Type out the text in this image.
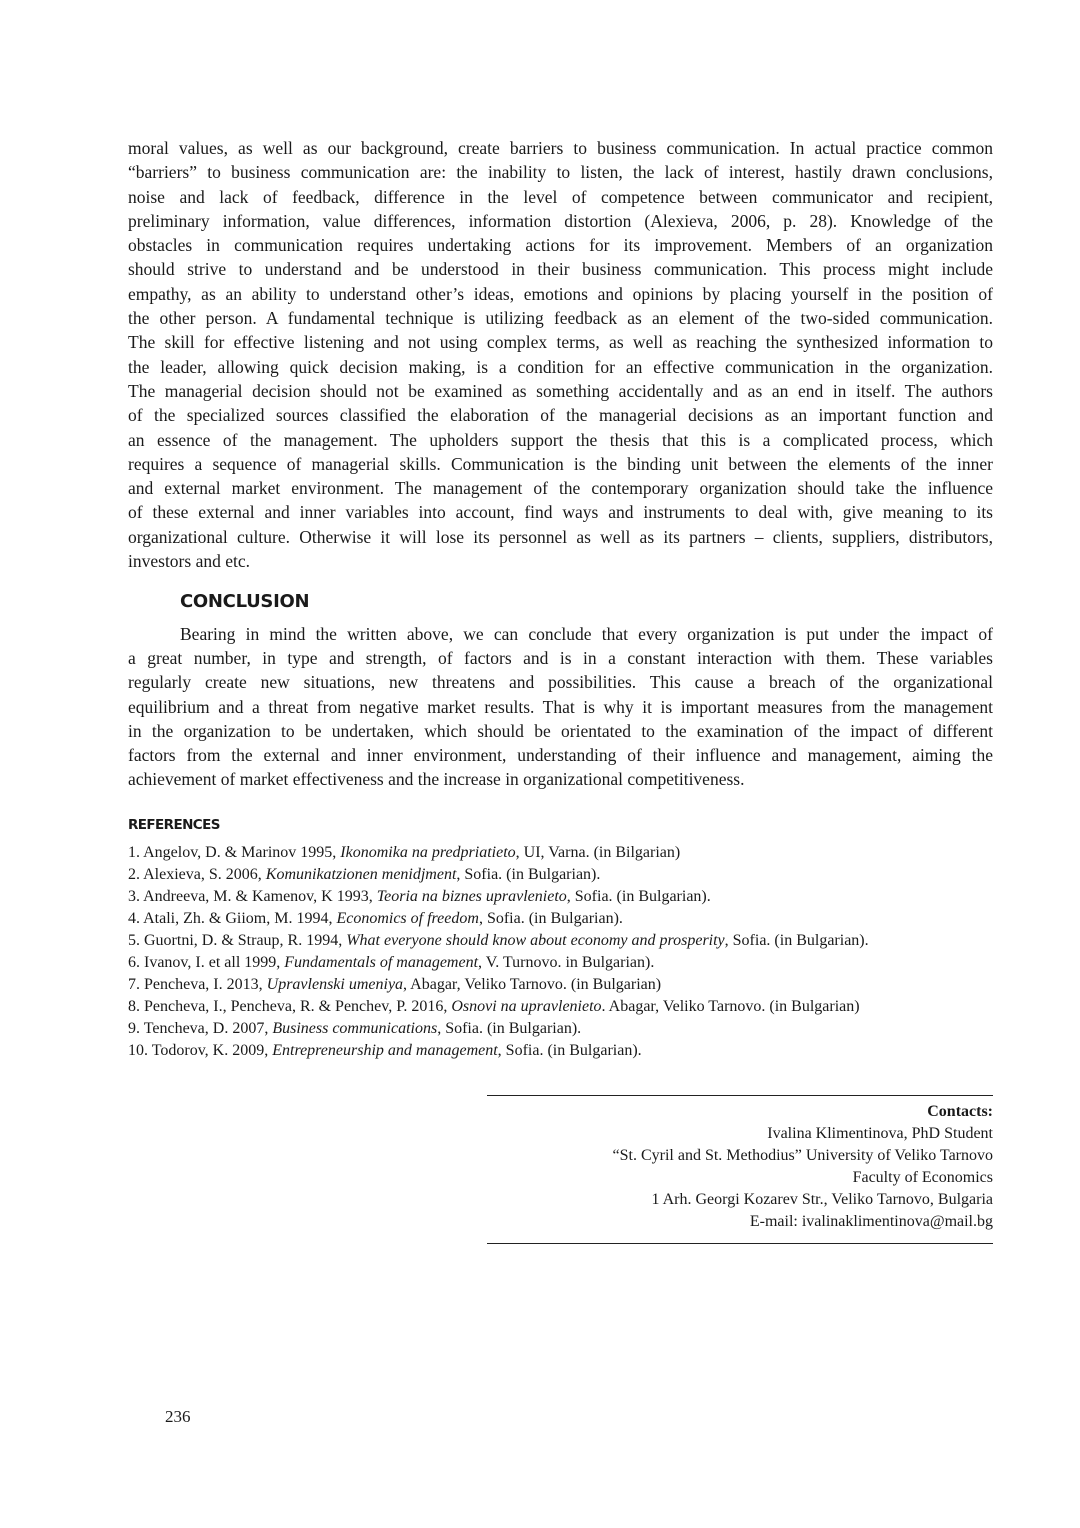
moral values, as well as our background, create barriers to business communication. In actual practice common
“barriers” to business communication are: the inability to listen, the lack of interest, hastily drawn conclusions,
noise and lack of feedback, difference in the level of competence between communicator and recipient,
preliminary information, value differences, information distortion (Alexieva, 2006, p. 28). Knowledge of the
obstacles in communication requires undertaking actions for its improvement. Members of an organization
should strive to understand and be understood in their business communication. This process might include
empathy, as an ability to understand other’s ideas, emotions and opinions by placing yourself in the position of
the other person. A fundamental technique is utilizing feedback as an element of the two-sided communication.
The skill for effective listening and not using complex terms, as well as reaching the synthesized information to
the leader, allowing quick decision making, is a condition for an effective communication in the organization.
The managerial decision should not be examined as something accidentally and as an end in itself. The authors
of the specialized sources classified the elaboration of the managerial decisions as an important function and
an essence of the management. The upholders support the thesis that this is a complicated process, which
requires a sequence of managerial skills. Communication is the binding unit between the elements of the inner
and external market environment. The management of the contemporary organization should take the influence
of these external and inner variables into account, find ways and instruments to deal with, give meaning to its
organizational culture. Otherwise it will lose its personnel as well as its partners – clients, suppliers, distributors,
investors and etc.
CONCLUSION
Bearing in mind the written above, we can conclude that every organization is put under the impact of
a great number, in type and strength, of factors and is in a constant interaction with them. These variables
regularly create new situations, new threatens and possibilities. This cause a breach of the organizational
equilibrium and a threat from negative market results. That is why it is important measures from the management
in the organization to be undertaken, which should be orientated to the examination of the impact of different
factors from the external and inner environment, understanding of their influence and management, aiming the
achievement of market effectiveness and the increase in organizational competitiveness.
REFERENCES
1. Angelov, D. & Marinov 1995, Ikonomika na predpriatieto, UI, Varna. (in Bilgarian)
2. Alexieva, S. 2006, Komunikatzionen menidjment, Sofia. (in Bulgarian).
3. Andreeva, M. & Kamenov, K 1993, Teoria na biznes upravlenieto, Sofia. (in Bulgarian).
4. Atali, Zh. & Giiom, M. 1994, Economics of freedom, Sofia. (in Bulgarian).
5. Guortni, D. & Straup, R. 1994, What everyone should know about economy and prosperity, Sofia. (in Bulgarian).
6. Ivanov, I. et all 1999, Fundamentals of management, V. Turnovo. in Bulgarian).
7. Pencheva, I. 2013, Upravlenski umeniya, Abagar, Veliko Tarnovo. (in Bulgarian)
8. Pencheva, I., Pencheva, R. & Penchev, P. 2016, Osnovi na upravlenieto. Abagar, Veliko Tarnovo. (in Bulgarian)
9. Tencheva, D. 2007, Business communications, Sofia. (in Bulgarian).
10. Todorov, K. 2009, Entrepreneurship and management, Sofia. (in Bulgarian).
Contacts:
Ivalina Klimentinova, PhD Student
“St. Cyril and St. Methodius” University of Veliko Tarnovo
Faculty of Economics
1 Arh. Georgi Kozarev Str., Veliko Tarnovo, Bulgaria
E-mail: ivalinaklimentinova@mail.bg
236
